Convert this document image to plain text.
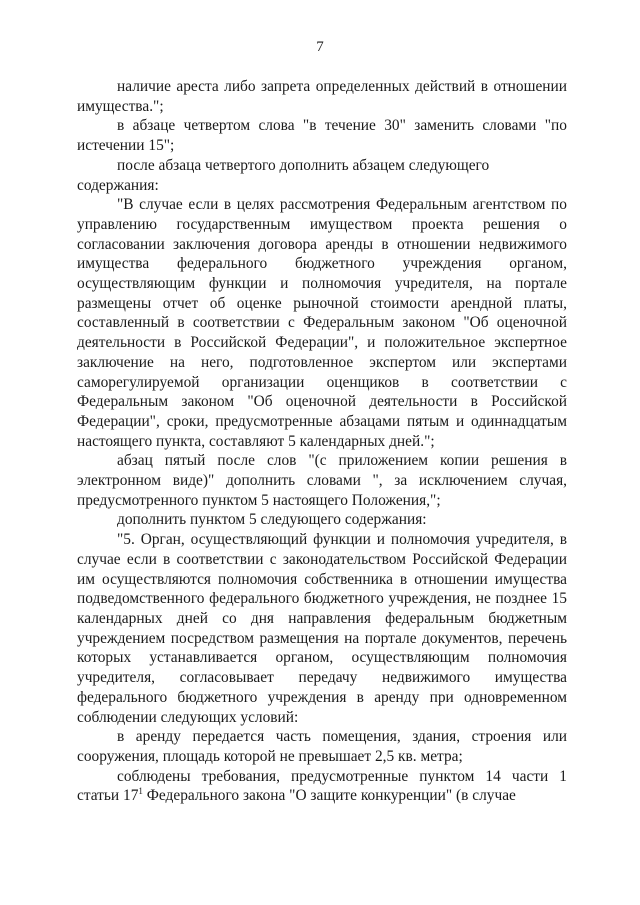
7

наличие ареста либо запрета определенных действий в отношении имущества.";

в абзаце четвертом слова "в течение 30" заменить словами "по истечении 15";

после абзаца четвертого дополнить абзацем следующего содержания:

"В случае если в целях рассмотрения Федеральным агентством по управлению государственным имуществом проекта решения о согласовании заключения договора аренды в отношении недвижимого имущества федерального бюджетного учреждения органом, осуществляющим функции и полномочия учредителя, на портале размещены отчет об оценке рыночной стоимости арендной платы, составленный в соответствии с Федеральным законом "Об оценочной деятельности в Российской Федерации", и положительное экспертное заключение на него, подготовленное экспертом или экспертами саморегулируемой организации оценщиков в соответствии с Федеральным законом "Об оценочной деятельности в Российской Федерации", сроки, предусмотренные абзацами пятым и одиннадцатым настоящего пункта, составляют 5 календарных дней.";

абзац пятый после слов "(с приложением копии решения в электронном виде)" дополнить словами ", за исключением случая, предусмотренного пунктом 5 настоящего Положения,";

дополнить пунктом 5 следующего содержания:

"5. Орган, осуществляющий функции и полномочия учредителя, в случае если в соответствии с законодательством Российской Федерации им осуществляются полномочия собственника в отношении имущества подведомственного федерального бюджетного учреждения, не позднее 15 календарных дней со дня направления федеральным бюджетным учреждением посредством размещения на портале документов, перечень которых устанавливается органом, осуществляющим полномочия учредителя, согласовывает передачу недвижимого имущества федерального бюджетного учреждения в аренду при одновременном соблюдении следующих условий:

в аренду передается часть помещения, здания, строения или сооружения, площадь которой не превышает 2,5 кв. метра;

соблюдены требования, предусмотренные пунктом 14 части 1 статьи $17^1$ Федерального закона "О защите конкуренции" (в случае
